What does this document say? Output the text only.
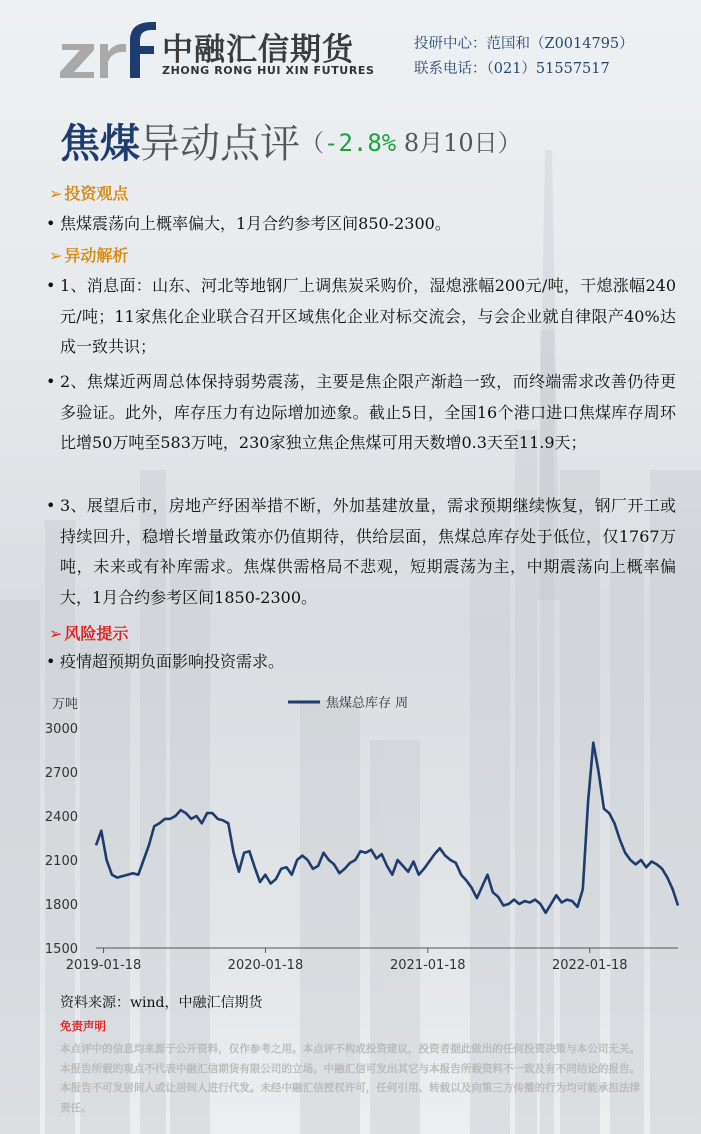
中融汇信期货
ZHONG RONG HUI XIN FUTURES
投研中心：范国和（Z0014795）
联系电话：（021）51557517
焦煤异动点评（-2.8% 8月10日）
➢ 投资观点
• 焦煤震荡向上概率偏大，1月合约参考区间850-2300。
➢ 异动解析
• 1、消息面：山东、河北等地钢厂上调焦炭采购价，湿熄涨幅200元/吨，干熄涨幅240元/吨；11家焦化企业联合召开区域焦化企业对标交流会，与会企业就自律限产40%达成一致共识；
• 2、焦煤近两周总体保持弱势震荡，主要是焦企限产渐趋一致，而终端需求改善仍待更多验证。此外，库存压力有边际增加迹象。截止5日，全国16个港口进口焦煤库存周环比增50万吨至583万吨，230家独立焦企焦煤可用天数增0.3天至11.9天；
• 3、展望后市，房地产纾困举措不断，外加基建放量，需求预期继续恢复，钢厂开工或持续回升，稳增长增量政策亦仍值期待，供给层面，焦煤总库存处于低位，仅1767万吨，未来或有补库需求。焦煤供需格局不悲观，短期震荡为主，中期震荡向上概率偏大，1月合约参考区间1850-2300。
➢ 风险提示
• 疫情超预期负面影响投资需求。
万吨
1500
1800
2100
2400
2700
3000
2019-01-18	2020-01-18	2021-01-18	2022-01-18
焦煤总库存 周
资料来源：wind，中融汇信期货
免责声明
本点评中的信息均来源于公开资料，仅作参考之用。本点评不构成投资建议，投资者据此做出的任何投资决策与本公司无关。本报告所载的观点不代表中融汇信期货有限公司的立场。中融汇信可发出其它与本报告所载资料不一致及有不同结论的报告。本报告不可发居间人或让居间人进行代发。未经中融汇信授权许可，任何引用、转载以及向第三方传播的行为均可能承担法律责任。
